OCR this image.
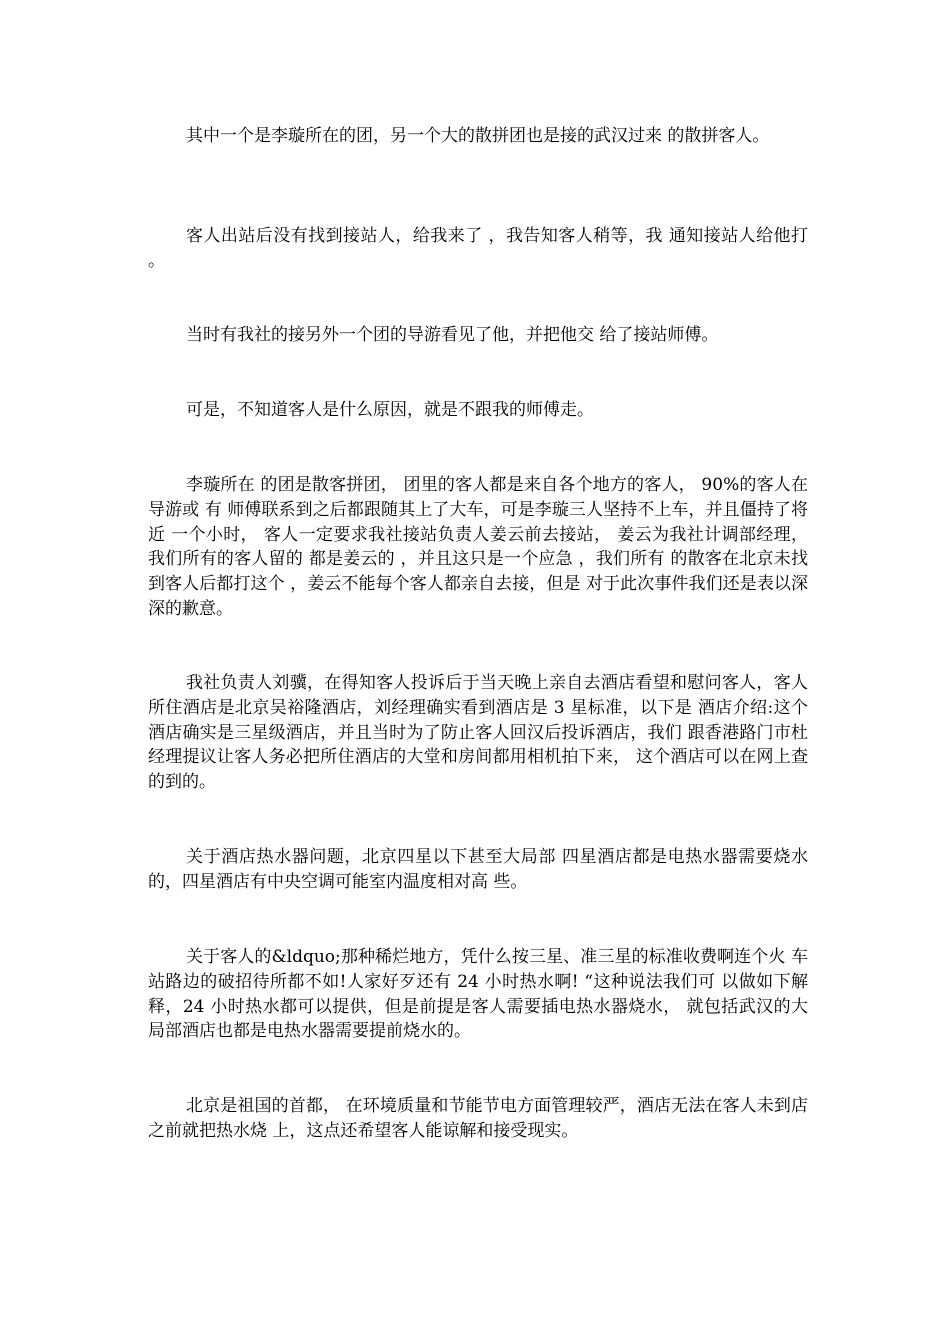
其中一个是李璇所在的团，另一个大的散拼团也是接的武汉过来 的散拼客人。

客人出站后没有找到接站人，给我来了 ，我告知客人稍等，我 通知接站人给他打 。

当时有我社的接另外一个团的导游看见了他，并把他交 给了接站师傅。

可是，不知道客人是什么原因，就是不跟我的师傅走。

李璇所在 的团是散客拼团， 团里的客人都是来自各个地方的客人， 90%的客人在导游或 有 师傅联系到之后都跟随其上了大车，可是李璇三人坚持不上车，并且僵持了将近 一个小时， 客人一定要求我社接站负责人姜云前去接站， 姜云为我社计调部经理， 我们所有的客人留的 都是姜云的 ，并且这只是一个应急 ，我们所有 的散客在北京未找到客人后都打这个 ，姜云不能每个客人都亲自去接，但是 对于此次事件我们还是表以深深的歉意。

我社负责人刘骥，在得知客人投诉后于当天晚上亲自去酒店看望和慰问客人，客人所住酒店是北京吴裕隆酒店，刘经理确实看到酒店是 3 星标准，以下是 酒店介绍:这个酒店确实是三星级酒店，并且当时为了防止客人回汉后投诉酒店，我们 跟香港路门市杜经理提议让客人务必把所住酒店的大堂和房间都用相机拍下来， 这个酒店可以在网上查的到的。

关于酒店热水器问题，北京四星以下甚至大局部 四星酒店都是电热水器需要烧水的，四星酒店有中央空调可能室内温度相对高 些。

关于客人的&ldquo;那种稀烂地方，凭什么按三星、准三星的标准收费啊连个火 车站路边的破招待所都不如!人家好歹还有 24 小时热水啊! “这种说法我们可 以做如下解释，24 小时热水都可以提供，但是前提是客人需要插电热水器烧水， 就包括武汉的大局部酒店也都是电热水器需要提前烧水的。

北京是祖国的首都， 在环境质量和节能节电方面管理较严，酒店无法在客人未到店之前就把热水烧 上，这点还希望客人能谅解和接受现实。
